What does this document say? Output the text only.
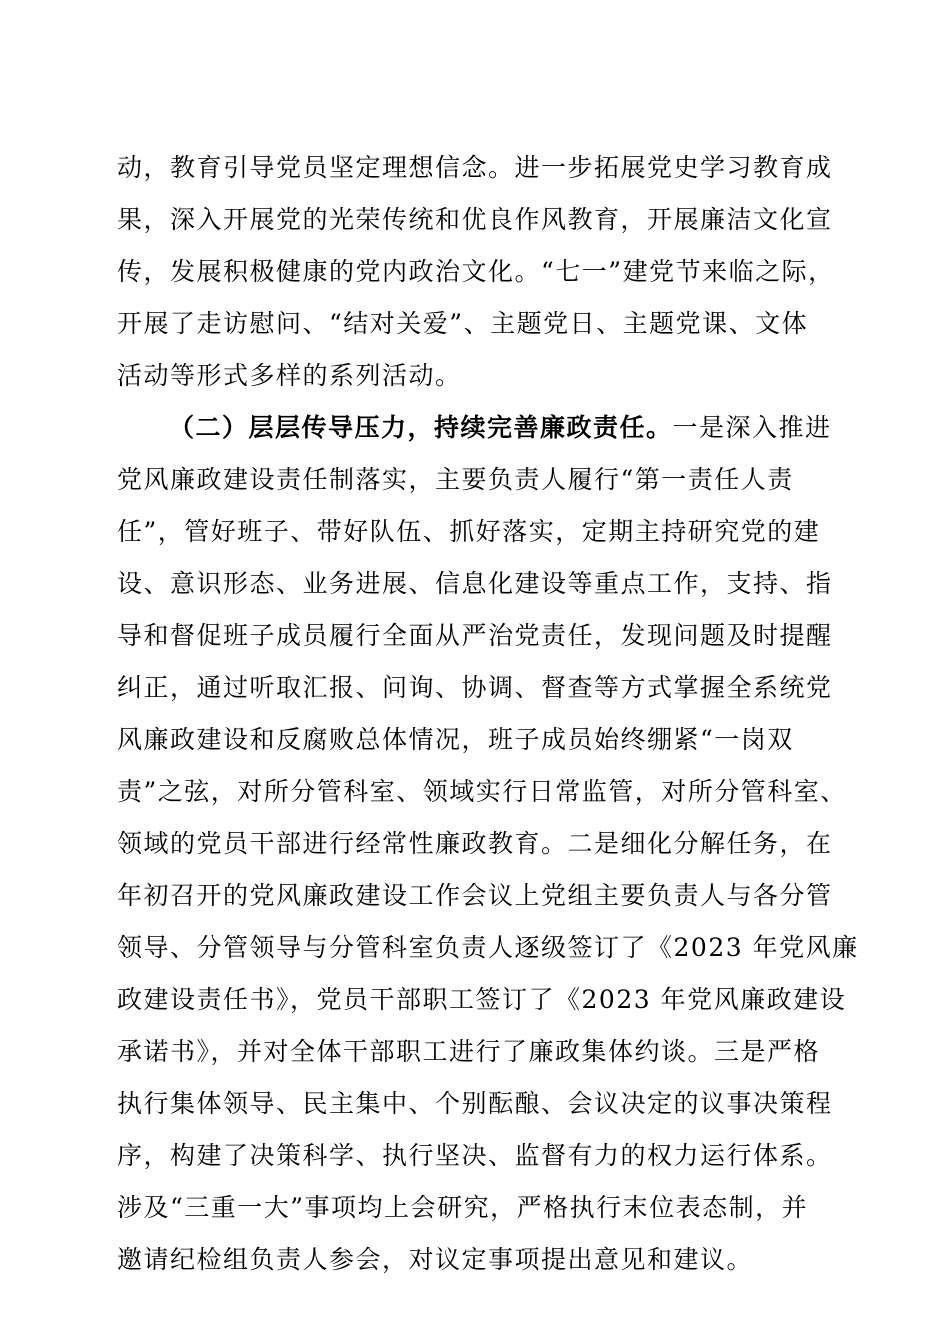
动，教育引导党员坚定理想信念。进一步拓展党史学习教育成
果，深入开展党的光荣传统和优良作风教育，开展廉洁文化宣
传，发展积极健康的党内政治文化。“七一”建党节来临之际，
开展了走访慰问、“结对关爱”、主题党日、主题党课、文体
活动等形式多样的系列活动。
（二）层层传导压力，持续完善廉政责任。一是深入推进
党风廉政建设责任制落实，主要负责人履行“第一责任人责
任”，管好班子、带好队伍、抓好落实，定期主持研究党的建
设、意识形态、业务进展、信息化建设等重点工作，支持、指
导和督促班子成员履行全面从严治党责任，发现问题及时提醒
纠正，通过听取汇报、问询、协调、督查等方式掌握全系统党
风廉政建设和反腐败总体情况，班子成员始终绷紧“一岗双
责”之弦，对所分管科室、领域实行日常监管，对所分管科室、
领域的党员干部进行经常性廉政教育。二是细化分解任务，在
年初召开的党风廉政建设工作会议上党组主要负责人与各分管
领导、分管领导与分管科室负责人逐级签订了《2023 年党风廉
政建设责任书》，党员干部职工签订了《2023 年党风廉政建设
承诺书》，并对全体干部职工进行了廉政集体约谈。三是严格
执行集体领导、民主集中、个别酝酿、会议决定的议事决策程
序，构建了决策科学、执行坚决、监督有力的权力运行体系。
涉及“三重一大”事项均上会研究，严格执行末位表态制，并
邀请纪检组负责人参会，对议定事项提出意见和建议。
